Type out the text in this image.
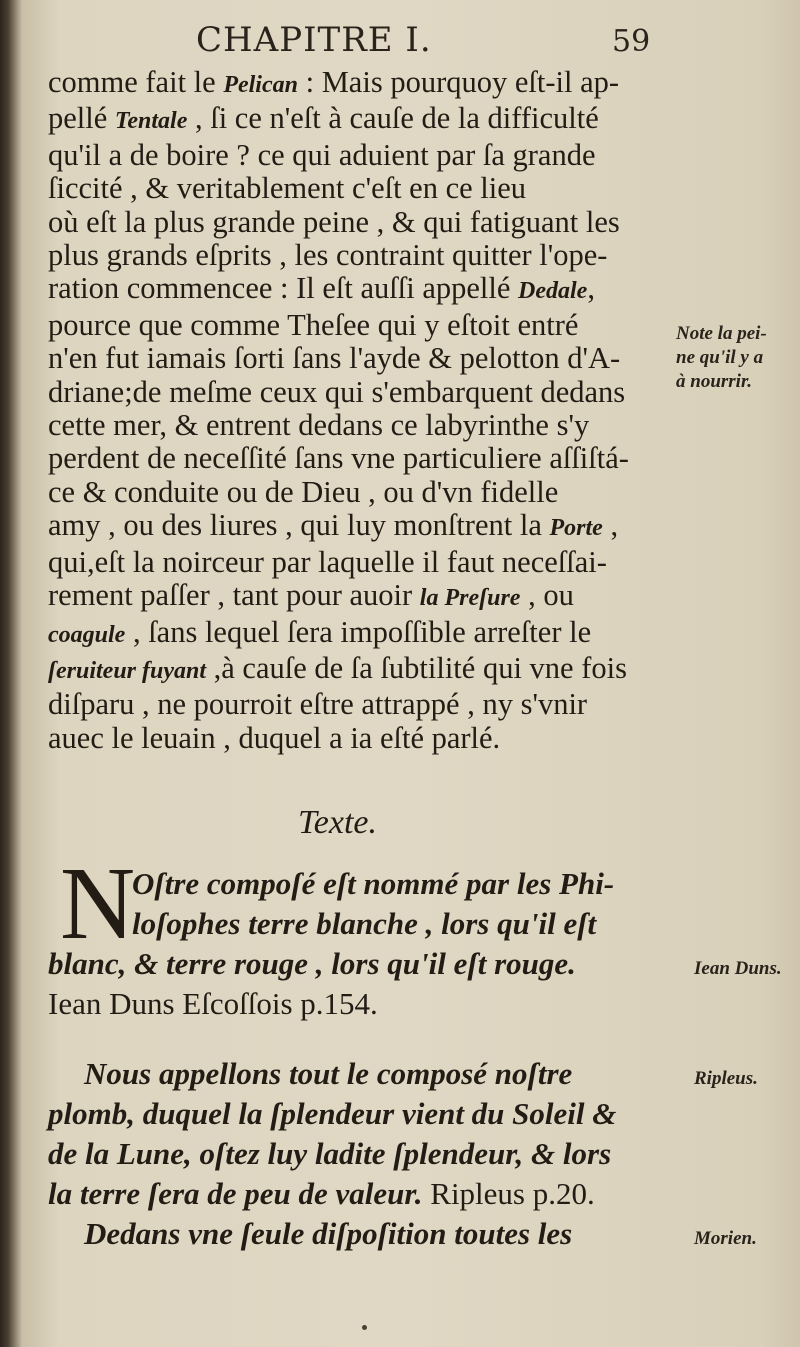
CHAPITRE I.	59
comme fait le Pelican : Mais pourquoy eſt-il ap-
pellé Tentale , ſi ce n'eſt à cauſe de la difficulté
qu'il a de boire ? ce qui aduient par ſa grande
ſiccité , & veritablement c'eſt en ce lieu
où eſt la plus grande peine , & qui fatiguant les
plus grands eſprits , les contraint quitter l'ope-
ration commencee : Il eſt auſſi appellé Dedale,
pource que comme Theſee qui y eſtoit entré
n'en fut iamais ſorti ſans l'ayde & pelotton d'A-
driane;de meſme ceux qui s'embarquent dedans
cette mer, & entrent dedans ce labyrinthe s'y
perdent de neceſſité ſans vne particuliere aſſiſtá-
ce & conduite ou de Dieu , ou d'vn fidelle
amy , ou des liures , qui luy monſtrent la Porte ,
qui,eſt la noirceur par laquelle il faut neceſſai-
rement paſſer , tant pour auoir la Preſure , ou
coagule , ſans lequel ſera impoſſible arreſter le
ſeruiteur fuyant ,à cauſe de ſa ſubtilité qui vne fois
diſparu , ne pourroit eſtre attrappé , ny s'vnir
auec le leuain , duquel a ia eſté parlé.
Note la pei-
ne qu'il y a
à nourrir.
Texte.
N
Oſtre compoſé eſt nommé par les Phi-
loſophes terre blanche , lors qu'il eſt
blanc, & terre rouge , lors qu'il eſt rouge.
Iean Duns Eſcoſſois p.154.
Nous appellons tout le composé noſtre
plomb, duquel la ſplendeur vient du Soleil &
de la Lune, oſtez luy ladite ſplendeur, & lors
la terre ſera de peu de valeur. Ripleus p.20.
Dedans vne ſeule diſpoſition toutes les
Iean Duns.
Ripleus.
Morien.
